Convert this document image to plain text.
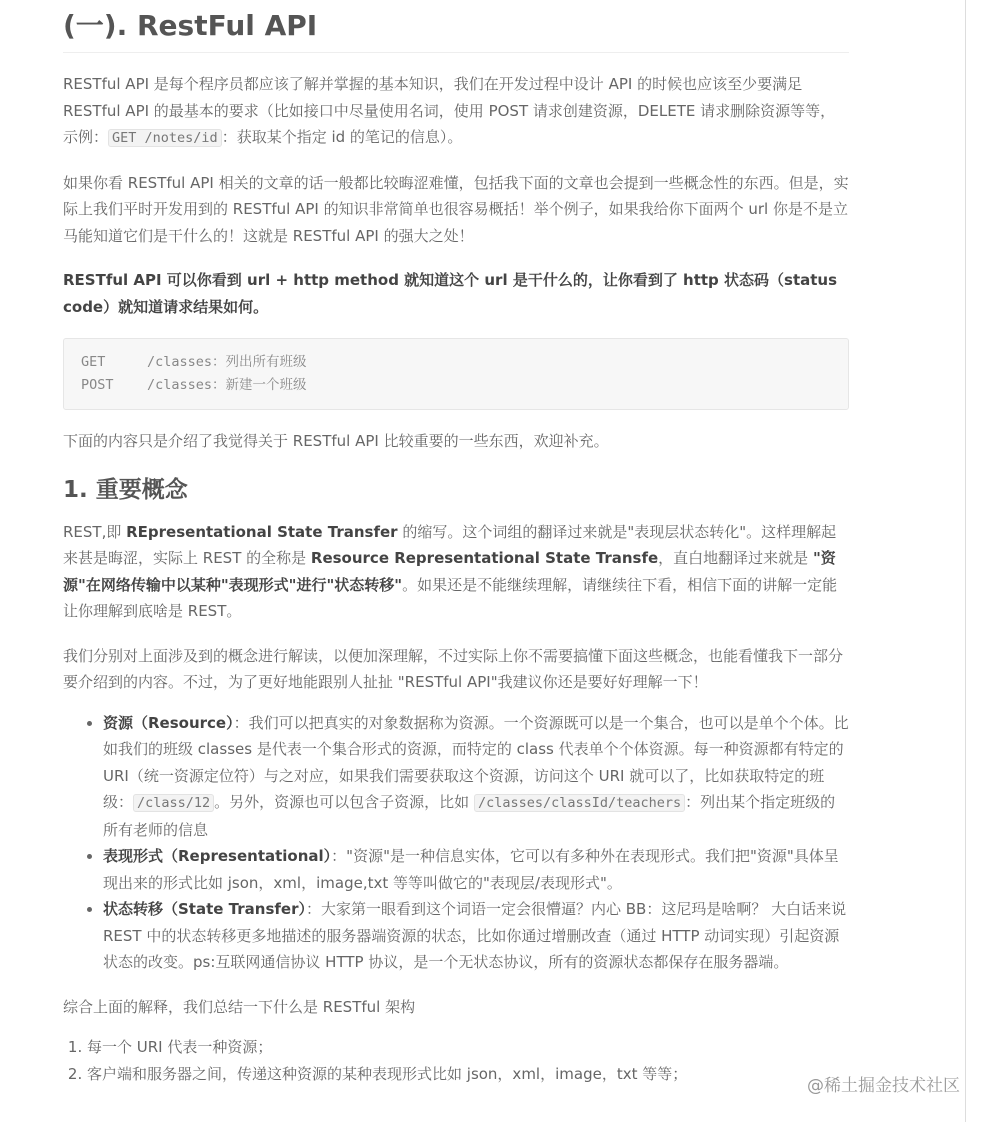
(一). RestFul API

RESTful API 是每个程序员都应该了解并掌握的基本知识，我们在开发过程中设计 API 的时候也应该至少要满足 RESTful API 的最基本的要求（比如接口中尽量使用名词，使用 POST 请求创建资源，DELETE 请求删除资源等等，示例： GET /notes/id ：获取某个指定 id 的笔记的信息）。

如果你看 RESTful API 相关的文章的话一般都比较晦涩难懂，包括我下面的文章也会提到一些概念性的东西。但是，实际上我们平时开发用到的 RESTful API 的知识非常简单也很容易概括！举个例子，如果我给你下面两个 url 你是不是立马能知道它们是干什么的！这就是 RESTful API 的强大之处！

RESTful API 可以你看到 url + http method 就知道这个 url 是干什么的，让你看到了 http 状态码（status code）就知道请求结果如何。

GET	/classes：列出所有班级
POST /classes：新建一个班级

下面的内容只是介绍了我觉得关于 RESTful API 比较重要的一些东西，欢迎补充。

1. 重要概念

REST,即 REpresentational State Transfer 的缩写。这个词组的翻译过来就是"表现层状态转化"。这样理解起来甚是晦涩，实际上 REST 的全称是 Resource Representational State Transfe，直白地翻译过来就是 "资源"在网络传输中以某种"表现形式"进行"状态转移"。如果还是不能继续理解，请继续往下看，相信下面的讲解一定能让你理解到底啥是 REST。

我们分别对上面涉及到的概念进行解读，以便加深理解，不过实际上你不需要搞懂下面这些概念，也能看懂我下一部分要介绍到的内容。不过，为了更好地能跟别人扯扯 "RESTful API"我建议你还是要好好理解一下！

• 资源（Resource）：我们可以把真实的对象数据称为资源。一个资源既可以是一个集合，也可以是单个个体。比如我们的班级 classes 是代表一个集合形式的资源，而特定的 class 代表单个个体资源。每一种资源都有特定的 URI（统一资源定位符）与之对应，如果我们需要获取这个资源，访问这个 URI 就可以了，比如获取特定的班级： /class/12 。另外，资源也可以包含子资源，比如 /classes/classId/teachers ：列出某个指定班级的所有老师的信息
• 表现形式（Representational）："资源"是一种信息实体，它可以有多种外在表现形式。我们把"资源"具体呈现出来的形式比如 json，xml，image,txt 等等叫做它的"表现层/表现形式"。
• 状态转移（State Transfer）：大家第一眼看到这个词语一定会很懵逼？内心 BB：这尼玛是啥啊？ 大白话来说 REST 中的状态转移更多地描述的服务器端资源的状态，比如你通过增删改查（通过 HTTP 动词实现）引起资源状态的改变。ps:互联网通信协议 HTTP 协议，是一个无状态协议，所有的资源状态都保存在服务器端。

综合上面的解释，我们总结一下什么是 RESTful 架构

1. 每一个 URI 代表一种资源；
2. 客户端和服务器之间，传递这种资源的某种表现形式比如 json，xml，image，txt 等等；
@稀土掘金技术社区
